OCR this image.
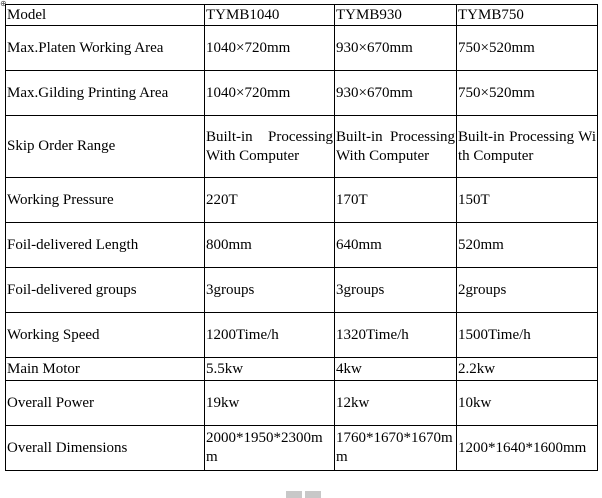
⊕
Model	TYMB1040	TYMB930	TYMB750
Max.Platen Working Area	1040×720mm	930×670mm	750×520mm
Max.Gilding Printing Area	1040×720mm	930×670mm	750×520mm
Skip Order Range	Built-in Processing With Computer	Built-in Processing With Computer	Built-in Processing With Computer
Working Pressure	220T	170T	150T
Foil-delivered Length	800mm	640mm	520mm
Foil-delivered groups	3groups	3groups	2groups
Working Speed	1200Time/h	1320Time/h	1500Time/h
Main Motor	5.5kw	4kw	2.2kw
Overall Power	19kw	12kw	10kw
Overall Dimensions	2000*1950*2300mm	1760*1670*1670mm	1200*1640*1600mm
